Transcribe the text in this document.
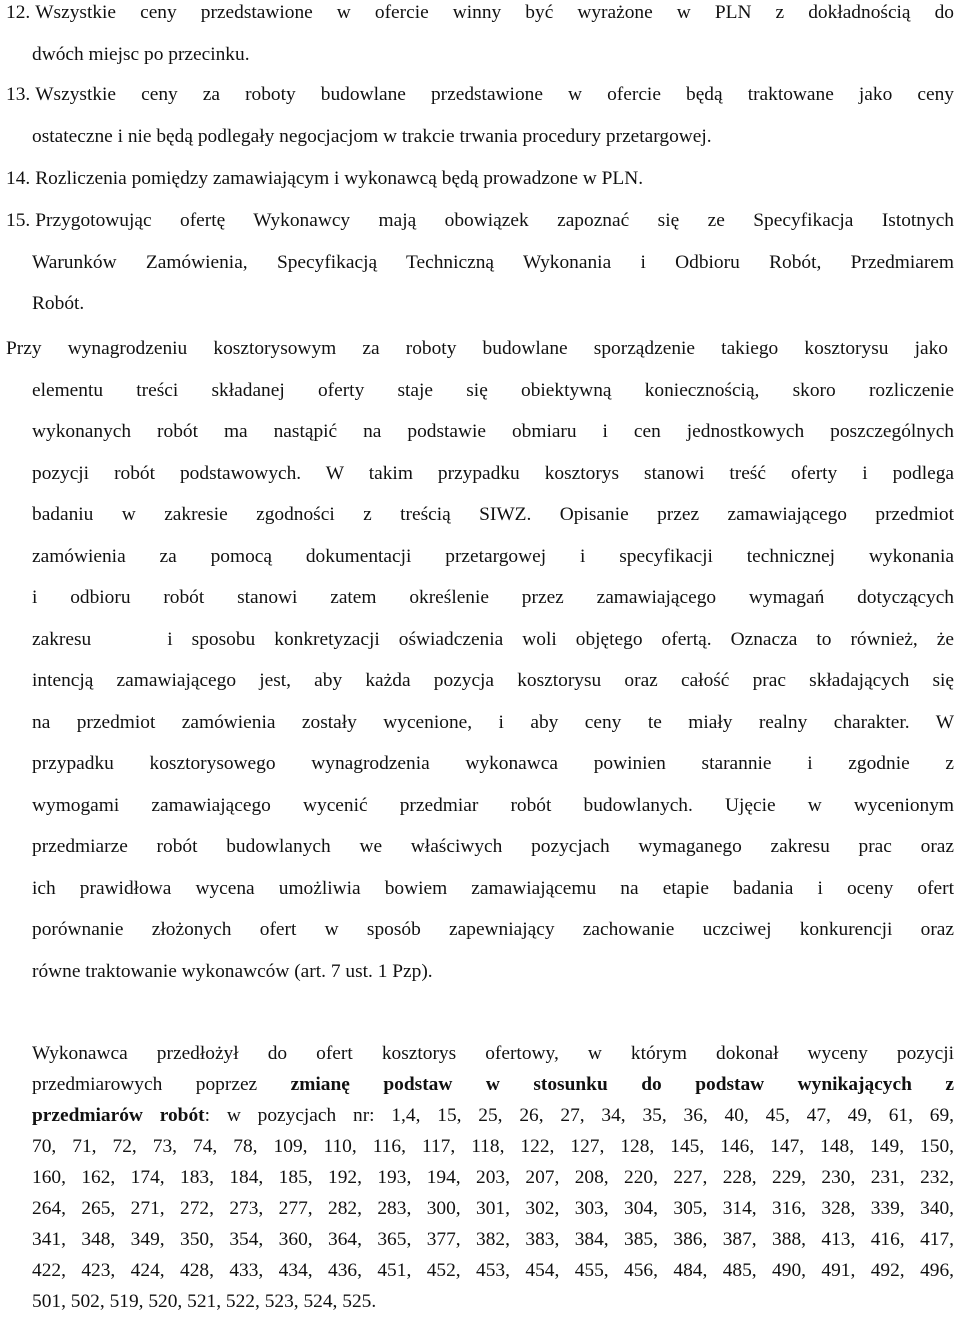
12. Wszystkie ceny przedstawione w ofercie winny być wyrażone w PLN z dokładnością do
dwóch miejsc po przecinku.
13. Wszystkie ceny za roboty budowlane przedstawione w ofercie będą traktowane jako ceny
ostateczne i nie będą podlegały negocjacjom w trakcie trwania procedury przetargowej.
14. Rozliczenia pomiędzy zamawiającym i wykonawcą będą prowadzone w PLN.
15. Przygotowując ofertę Wykonawcy mają obowiązek zapoznać się ze Specyfikacja Istotnych
Warunków Zamówienia, Specyfikacją Techniczną Wykonania i Odbioru Robót, Przedmiarem
Robót.
Przy wynagrodzeniu kosztorysowym za roboty budowlane sporządzenie takiego kosztorysu jako
elementu treści składanej oferty staje się obiektywną koniecznością, skoro rozliczenie
wykonanych robót ma nastąpić na podstawie obmiaru i cen jednostkowych poszczególnych
pozycji robót podstawowych. W takim przypadku kosztorys stanowi treść oferty i podlega
badaniu w zakresie zgodności z treścią SIWZ. Opisanie przez zamawiającego przedmiot
zamówienia za pomocą dokumentacji przetargowej i specyfikacji technicznej wykonania
i odbioru robót stanowi zatem określenie przez zamawiającego wymagań dotyczących
zakresu    i sposobu konkretyzacji oświadczenia woli objętego ofertą. Oznacza to również, że
intencją zamawiającego jest, aby każda pozycja kosztorysu oraz całość prac składających się
na przedmiot zamówienia zostały wycenione, i aby ceny te miały realny charakter. W
przypadku kosztorysowego wynagrodzenia wykonawca powinien starannie i zgodnie z
wymogami zamawiającego wycenić przedmiar robót budowlanych. Ujęcie w wycenionym
przedmiarze robót budowlanych we właściwych pozycjach wymaganego zakresu prac oraz
ich prawidłowa wycena umożliwia bowiem zamawiającemu na etapie badania i oceny ofert
porównanie złożonych ofert w sposób zapewniający zachowanie uczciwej konkurencji oraz
równe traktowanie wykonawców (art. 7 ust. 1 Pzp).
Wykonawca przedłożył do ofert kosztorys ofertowy, w którym dokonał wyceny pozycji
przedmiarowych poprzez zmianę podstaw w stosunku do podstaw wynikających z
przedmiarów robót: w pozycjach nr: 1,4, 15, 25, 26, 27, 34, 35, 36, 40, 45, 47, 49, 61, 69,
70, 71, 72, 73, 74, 78, 109, 110, 116, 117, 118, 122, 127, 128, 145, 146, 147, 148, 149, 150,
160, 162, 174, 183, 184, 185, 192, 193, 194, 203, 207, 208, 220, 227, 228, 229, 230, 231, 232,
264, 265, 271, 272, 273, 277, 282, 283, 300, 301, 302, 303, 304, 305, 314, 316, 328, 339, 340,
341, 348, 349, 350, 354, 360, 364, 365, 377, 382, 383, 384, 385, 386, 387, 388, 413, 416, 417,
422, 423, 424, 428, 433, 434, 436, 451, 452, 453, 454, 455, 456, 484, 485, 490, 491, 492, 496,
501, 502, 519, 520, 521, 522, 523, 524, 525.
